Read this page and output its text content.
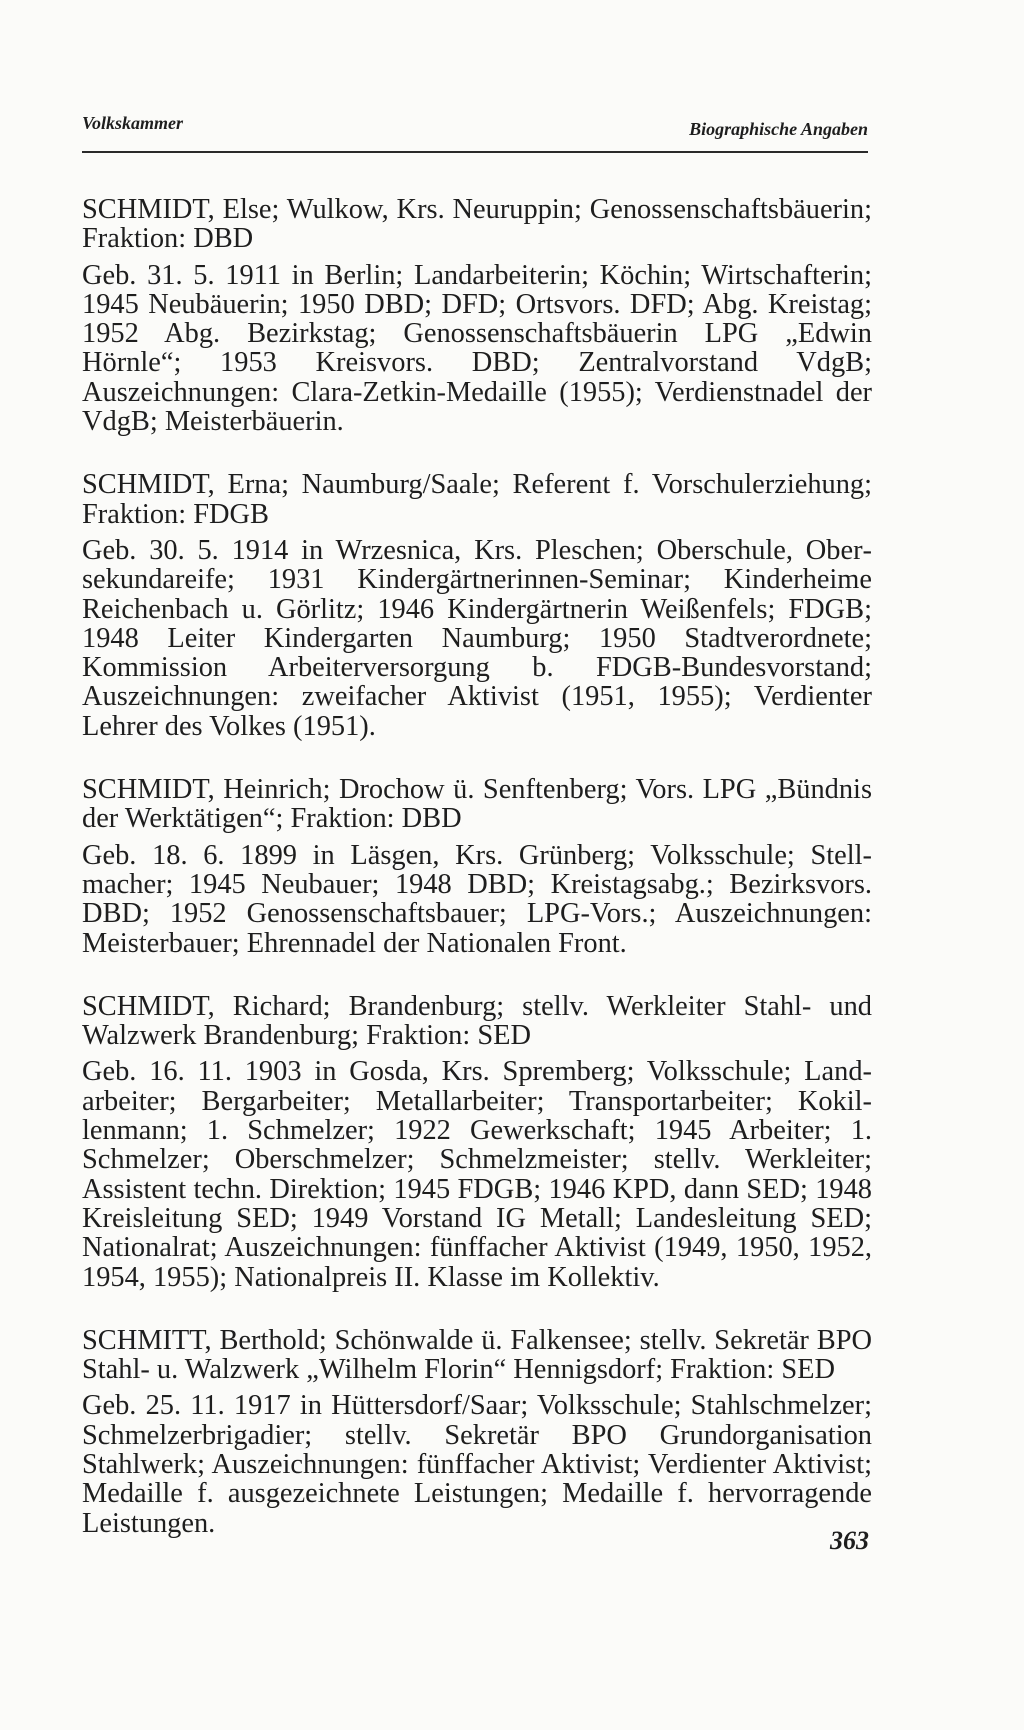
Volkskammer	Biographische Angaben

SCHMIDT, Else; Wulkow, Krs. Neuruppin; Genossenschaftsbäuerin; Fraktion: DBD

Geb. 31. 5. 1911 in Berlin; Landarbeiterin; Köchin; Wirtschafterin; 1945 Neubäuerin; 1950 DBD; DFD; Ortsvors. DFD; Abg. Kreistag; 1952 Abg. Bezirkstag; Genossenschaftsbäuerin LPG „Edwin Hörnle“; 1953 Kreisvors. DBD; Zentralvorstand VdgB; Auszeichnungen: Clara-Zetkin-Medaille (1955); Verdienstnadel der VdgB; Meisterbäuerin.

SCHMIDT, Erna; Naumburg/Saale; Referent f. Vorschulerziehung; Fraktion: FDGB

Geb. 30. 5. 1914 in Wrzesnica, Krs. Pleschen; Oberschule, Obersekundareife; 1931 Kindergärtnerinnen-Seminar; Kinderheime Reichenbach u. Görlitz; 1946 Kindergärtnerin Weißenfels; FDGB; 1948 Leiter Kindergarten Naumburg; 1950 Stadtverordnete; Kommission Arbeiterversorgung b. FDGB-Bundesvorstand; Auszeichnungen: zweifacher Aktivist (1951, 1955); Verdienter Lehrer des Volkes (1951).

SCHMIDT, Heinrich; Drochow ü. Senftenberg; Vors. LPG „Bündnis der Werktätigen“; Fraktion: DBD

Geb. 18. 6. 1899 in Läsgen, Krs. Grünberg; Volksschule; Stellmacher; 1945 Neubauer; 1948 DBD; Kreistagsabg.; Bezirksvors. DBD; 1952 Genossenschaftsbauer; LPG-Vors.; Auszeichnungen: Meisterbauer; Ehrennadel der Nationalen Front.

SCHMIDT, Richard; Brandenburg; stellv. Werkleiter Stahl- und Walzwerk Brandenburg; Fraktion: SED

Geb. 16. 11. 1903 in Gosda, Krs. Spremberg; Volksschule; Landarbeiter; Bergarbeiter; Metallarbeiter; Transportarbeiter; Kokillenmann; 1. Schmelzer; 1922 Gewerkschaft; 1945 Arbeiter; 1. Schmelzer; Oberschmelzer; Schmelzmeister; stellv. Werkleiter; Assistent techn. Direktion; 1945 FDGB; 1946 KPD, dann SED; 1948 Kreisleitung SED; 1949 Vorstand IG Metall; Landesleitung SED; Nationalrat; Auszeichnungen: fünffacher Aktivist (1949, 1950, 1952, 1954, 1955); Nationalpreis II. Klasse im Kollektiv.

SCHMITT, Berthold; Schönwalde ü. Falkensee; stellv. Sekretär BPO Stahl- u. Walzwerk „Wilhelm Florin“ Hennigsdorf; Fraktion: SED

Geb. 25. 11. 1917 in Hüttersdorf/Saar; Volksschule; Stahlschmelzer; Schmelzerbrigadier; stellv. Sekretär BPO Grundorganisation Stahlwerk; Auszeichnungen: fünffacher Aktivist; Verdienter Aktivist; Medaille f. ausgezeichnete Leistungen; Medaille f. hervorragende Leistungen.

363
